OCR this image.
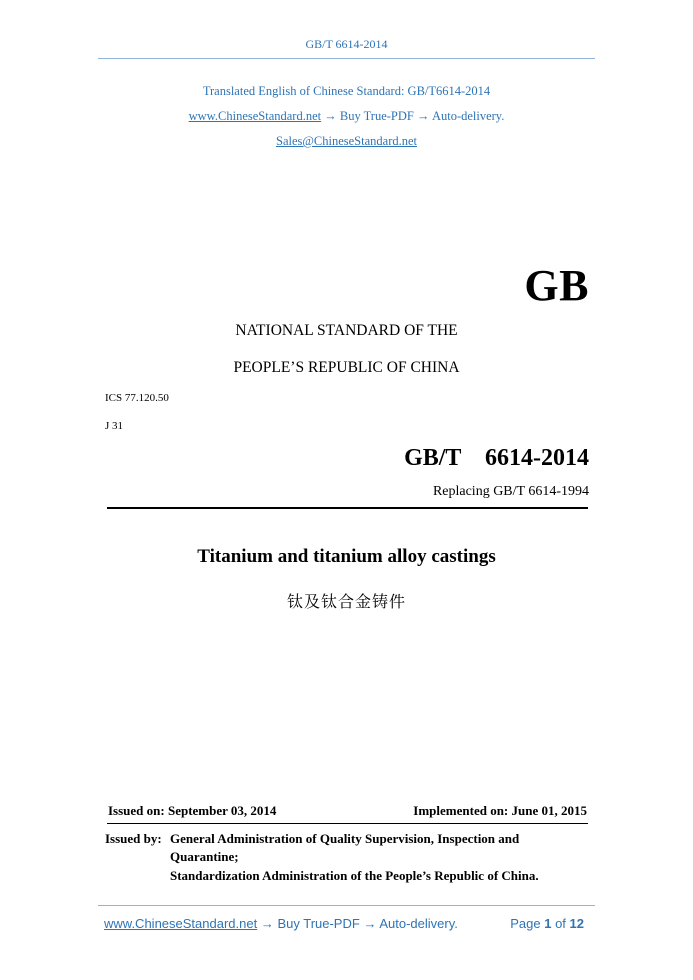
GB/T 6614-2014
Translated English of Chinese Standard: GB/T6614-2014
www.ChineseStandard.net → Buy True-PDF → Auto-delivery.
Sales@ChineseStandard.net
GB
NATIONAL STANDARD OF THE
PEOPLE’S REPUBLIC OF CHINA
ICS 77.120.50
J 31
GB/T  6614-2014
Replacing GB/T 6614-1994
Titanium and titanium alloy castings
钛及钛合金铸件
Issued on: September 03, 2014	Implemented on: June 01, 2015
Issued by: General Administration of Quality Supervision, Inspection and
Quarantine;
Standardization Administration of the People’s Republic of China.
www.ChineseStandard.net → Buy True-PDF → Auto-delivery.	Page 1 of 12
